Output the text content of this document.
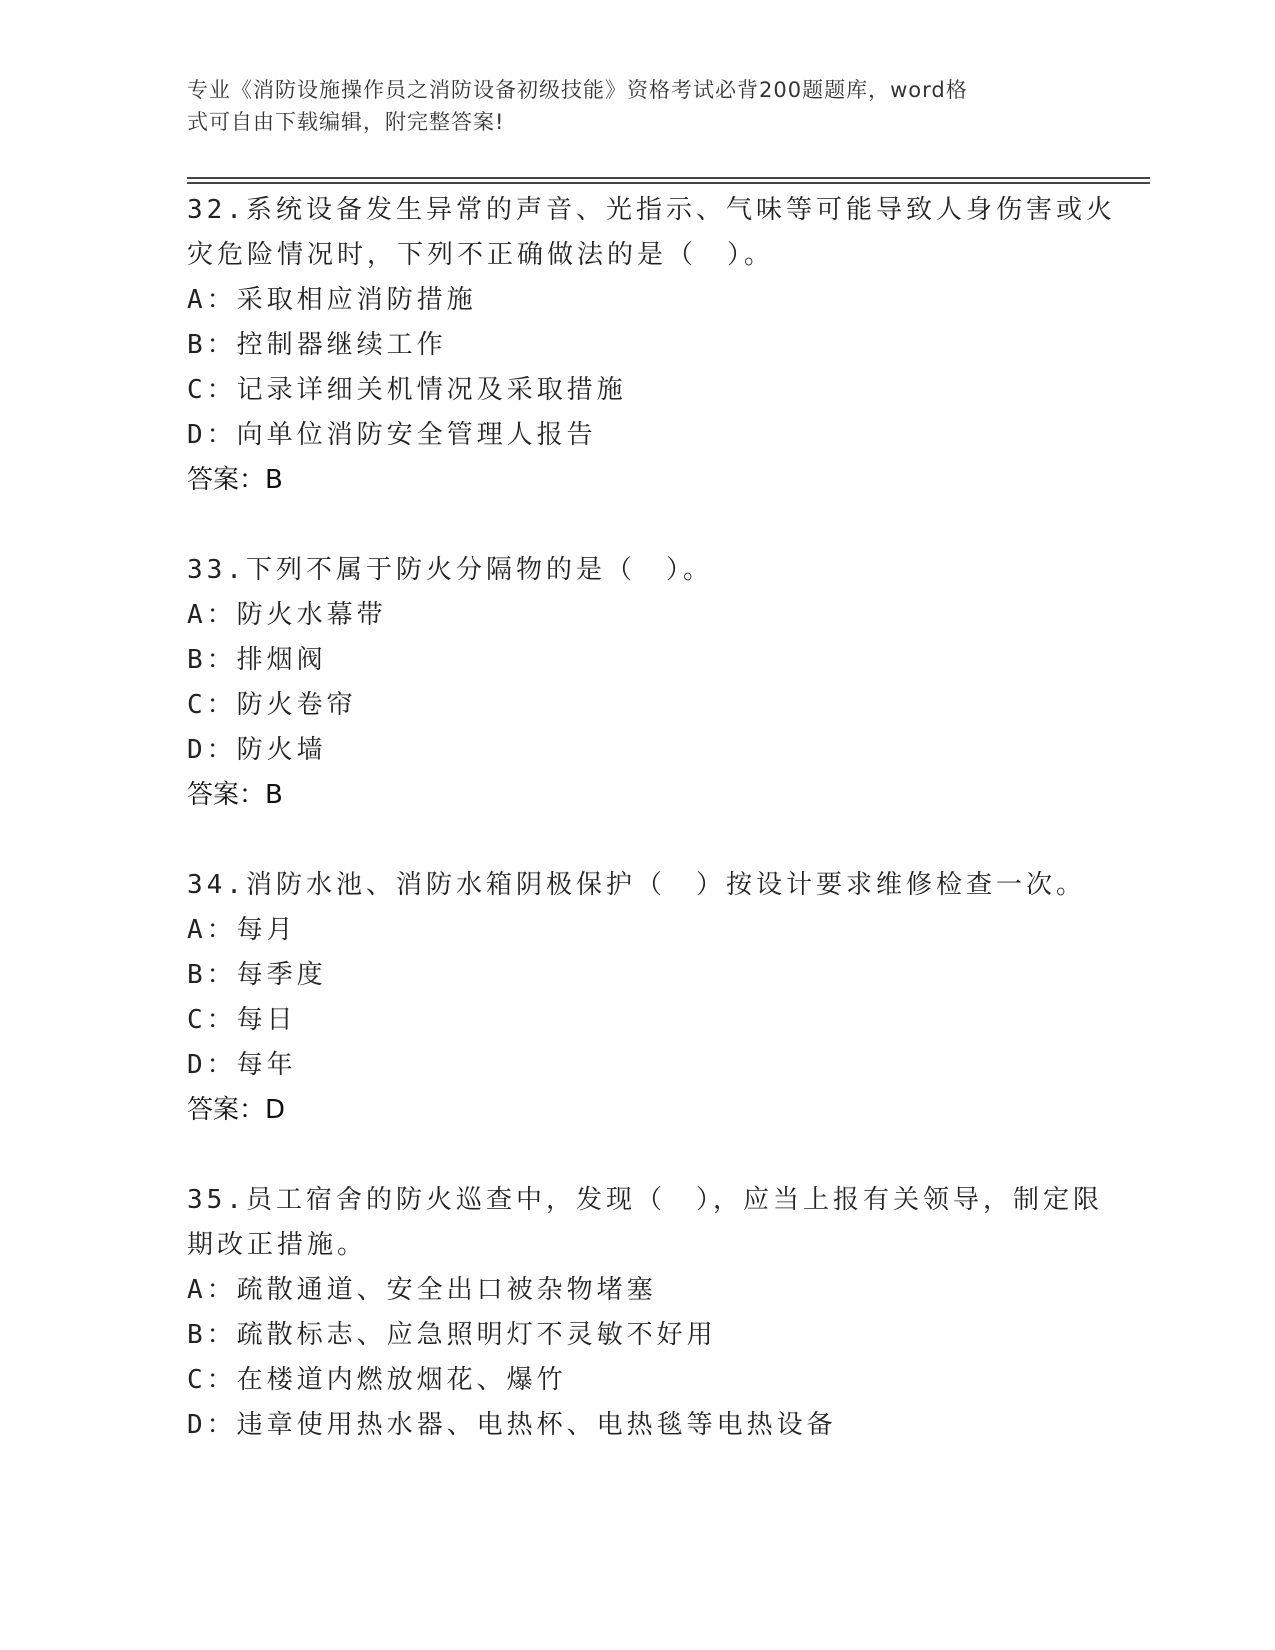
专业《消防设施操作员之消防设备初级技能》资格考试必背200题题库，word格
式可自由下载编辑，附完整答案!
32.系统设备发生异常的声音、光指示、气味等可能导致人身伤害或火
灾危险情况时，下列不正确做法的是（　）。
A：采取相应消防措施
B：控制器继续工作
C：记录详细关机情况及采取措施
D：向单位消防安全管理人报告
答案：B
33.下列不属于防火分隔物的是（　）。
A：防火水幕带
B：排烟阀
C：防火卷帘
D：防火墙
答案：B
34.消防水池、消防水箱阴极保护（　）按设计要求维修检查一次。
A：每月
B：每季度
C：每日
D：每年
答案：D
35.员工宿舍的防火巡查中，发现（　），应当上报有关领导，制定限
期改正措施。
A：疏散通道、安全出口被杂物堵塞
B：疏散标志、应急照明灯不灵敏不好用
C：在楼道内燃放烟花、爆竹
D：违章使用热水器、电热杯、电热毯等电热设备
